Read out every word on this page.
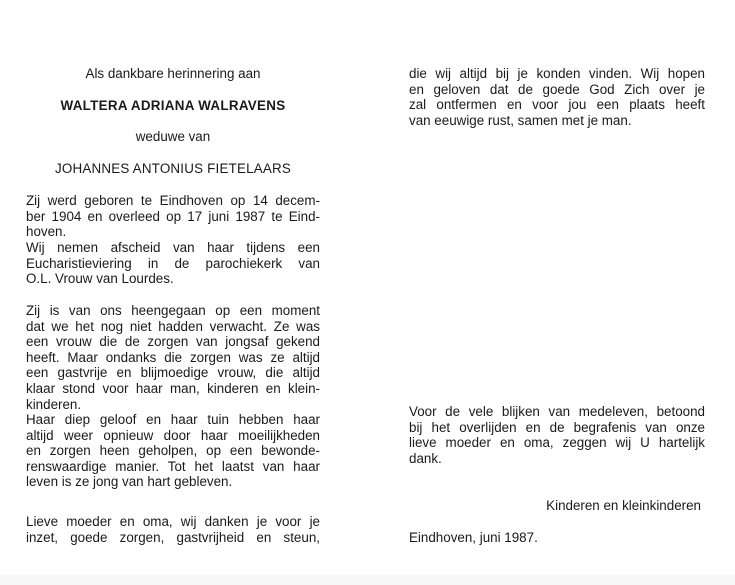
Als dankbare herinnering aan
WALTERA ADRIANA WALRAVENS
weduwe van
JOHANNES ANTONIUS FIETELAARS
Zij werd geboren te Eindhoven op 14 decem-
ber 1904 en overleed op 17 juni 1987 te Eind-
hoven.
Wij nemen afscheid van haar tijdens een
Eucharistieviering in de parochiekerk van
O.L. Vrouw van Lourdes.
Zij is van ons heengegaan op een moment
dat we het nog niet hadden verwacht. Ze was
een vrouw die de zorgen van jongsaf gekend
heeft. Maar ondanks die zorgen was ze altijd
een gastvrije en blijmoedige vrouw, die altijd
klaar stond voor haar man, kinderen en klein-
kinderen.
Haar diep geloof en haar tuin hebben haar
altijd weer opnieuw door haar moeilijkheden
en zorgen heen geholpen, op een bewonde-
renswaardige manier. Tot het laatst van haar
leven is ze jong van hart gebleven.
Lieve moeder en oma, wij danken je voor je
inzet, goede zorgen, gastvrijheid en steun,
die wij altijd bij je konden vinden. Wij hopen
en geloven dat de goede God Zich over je
zal ontfermen en voor jou een plaats heeft
van eeuwige rust, samen met je man.
Voor de vele blijken van medeleven, betoond
bij het overlijden en de begrafenis van onze
lieve moeder en oma, zeggen wij U hartelijk
dank.
Kinderen en kleinkinderen
Eindhoven, juni 1987.
